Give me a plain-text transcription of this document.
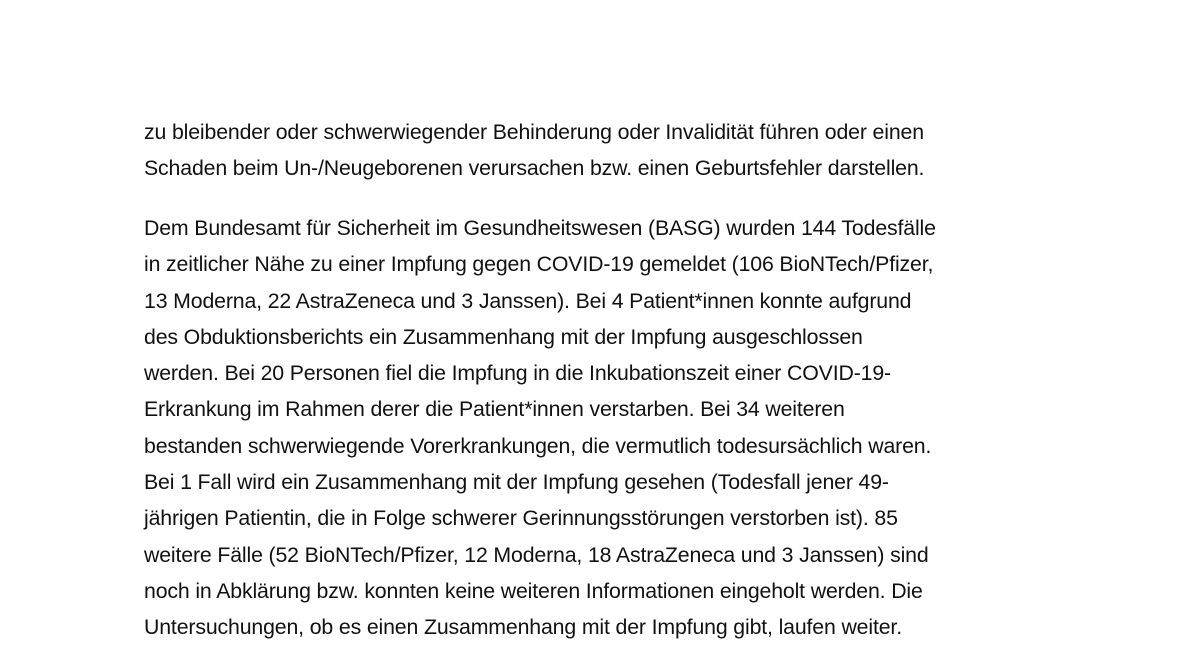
zu bleibender oder schwerwiegender Behinderung oder Invalidität führen oder einen
Schaden beim Un-/Neugeborenen verursachen bzw. einen Geburtsfehler darstellen.
Dem Bundesamt für Sicherheit im Gesundheitswesen (BASG) wurden 144 Todesfälle
in zeitlicher Nähe zu einer Impfung gegen COVID-19 gemeldet (106 BioNTech/Pfizer,
13 Moderna, 22 AstraZeneca und 3 Janssen). Bei 4 Patient*innen konnte aufgrund
des Obduktionsberichts ein Zusammenhang mit der Impfung ausgeschlossen
werden. Bei 20 Personen fiel die Impfung in die Inkubationszeit einer COVID-19-
Erkrankung im Rahmen derer die Patient*innen verstarben. Bei 34 weiteren
bestanden schwerwiegende Vorerkrankungen, die vermutlich todesursächlich waren.
Bei 1 Fall wird ein Zusammenhang mit der Impfung gesehen (Todesfall jener 49-
jährigen Patientin, die in Folge schwerer Gerinnungsstörungen verstorben ist). 85
weitere Fälle (52 BioNTech/Pfizer, 12 Moderna, 18 AstraZeneca und 3 Janssen) sind
noch in Abklärung bzw. konnten keine weiteren Informationen eingeholt werden. Die
Untersuchungen, ob es einen Zusammenhang mit der Impfung gibt, laufen weiter.
